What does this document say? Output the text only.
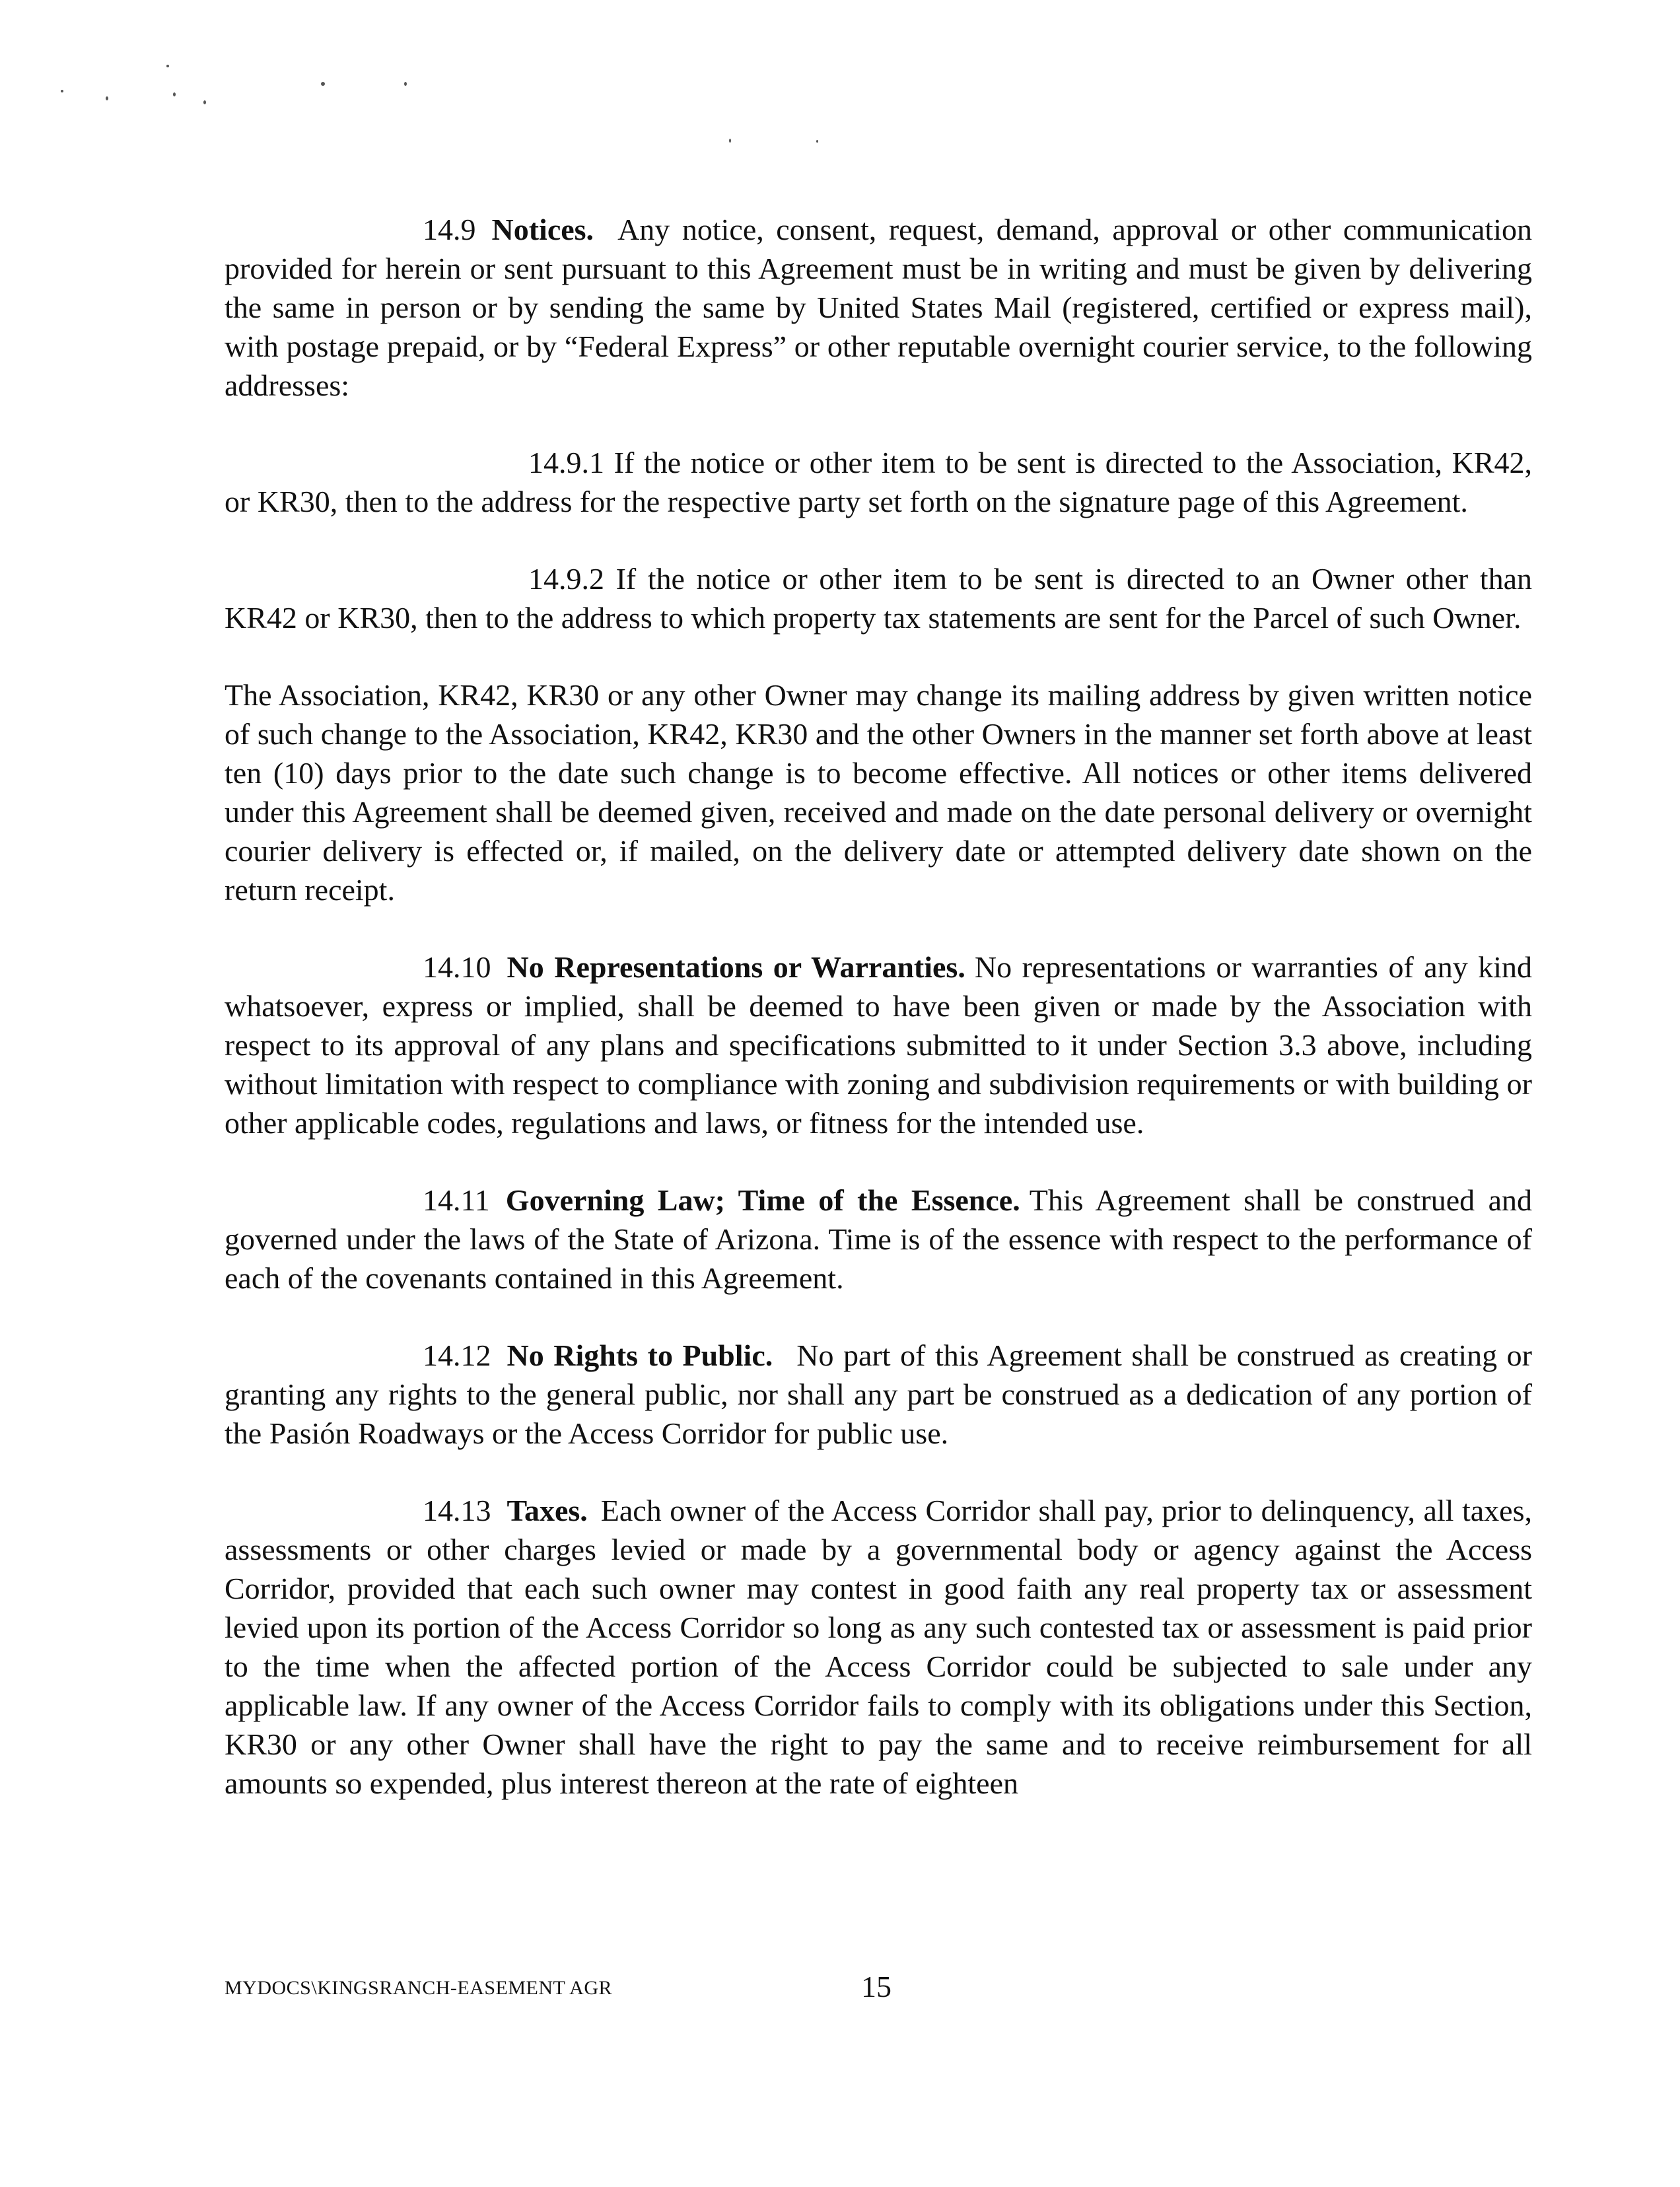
14.9 Notices. Any notice, consent, request, demand, approval or other communication provided for herein or sent pursuant to this Agreement must be in writing and must be given by delivering the same in person or by sending the same by United States Mail (registered, certified or express mail), with postage prepaid, or by “Federal Express” or other reputable overnight courier service, to the following addresses:

14.9.1 If the notice or other item to be sent is directed to the Association, KR42, or KR30, then to the address for the respective party set forth on the signature page of this Agreement.

14.9.2 If the notice or other item to be sent is directed to an Owner other than KR42 or KR30, then to the address to which property tax statements are sent for the Parcel of such Owner.

The Association, KR42, KR30 or any other Owner may change its mailing address by given written notice of such change to the Association, KR42, KR30 and the other Owners in the manner set forth above at least ten (10) days prior to the date such change is to become effective. All notices or other items delivered under this Agreement shall be deemed given, received and made on the date personal delivery or overnight courier delivery is effected or, if mailed, on the delivery date or attempted delivery date shown on the return receipt.

14.10 No Representations or Warranties. No representations or warranties of any kind whatsoever, express or implied, shall be deemed to have been given or made by the Association with respect to its approval of any plans and specifications submitted to it under Section 3.3 above, including without limitation with respect to compliance with zoning and subdivision requirements or with building or other applicable codes, regulations and laws, or fitness for the intended use.

14.11 Governing Law; Time of the Essence. This Agreement shall be construed and governed under the laws of the State of Arizona. Time is of the essence with respect to the performance of each of the covenants contained in this Agreement.

14.12 No Rights to Public. No part of this Agreement shall be construed as creating or granting any rights to the general public, nor shall any part be construed as a dedication of any portion of the Pasión Roadways or the Access Corridor for public use.

14.13 Taxes. Each owner of the Access Corridor shall pay, prior to delinquency, all taxes, assessments or other charges levied or made by a governmental body or agency against the Access Corridor, provided that each such owner may contest in good faith any real property tax or assessment levied upon its portion of the Access Corridor so long as any such contested tax or assessment is paid prior to the time when the affected portion of the Access Corridor could be subjected to sale under any applicable law. If any owner of the Access Corridor fails to comply with its obligations under this Section, KR30 or any other Owner shall have the right to pay the same and to receive reimbursement for all amounts so expended, plus interest thereon at the rate of eighteen

MYDOCS\KINGSRANCH-EASEMENT AGR	15
